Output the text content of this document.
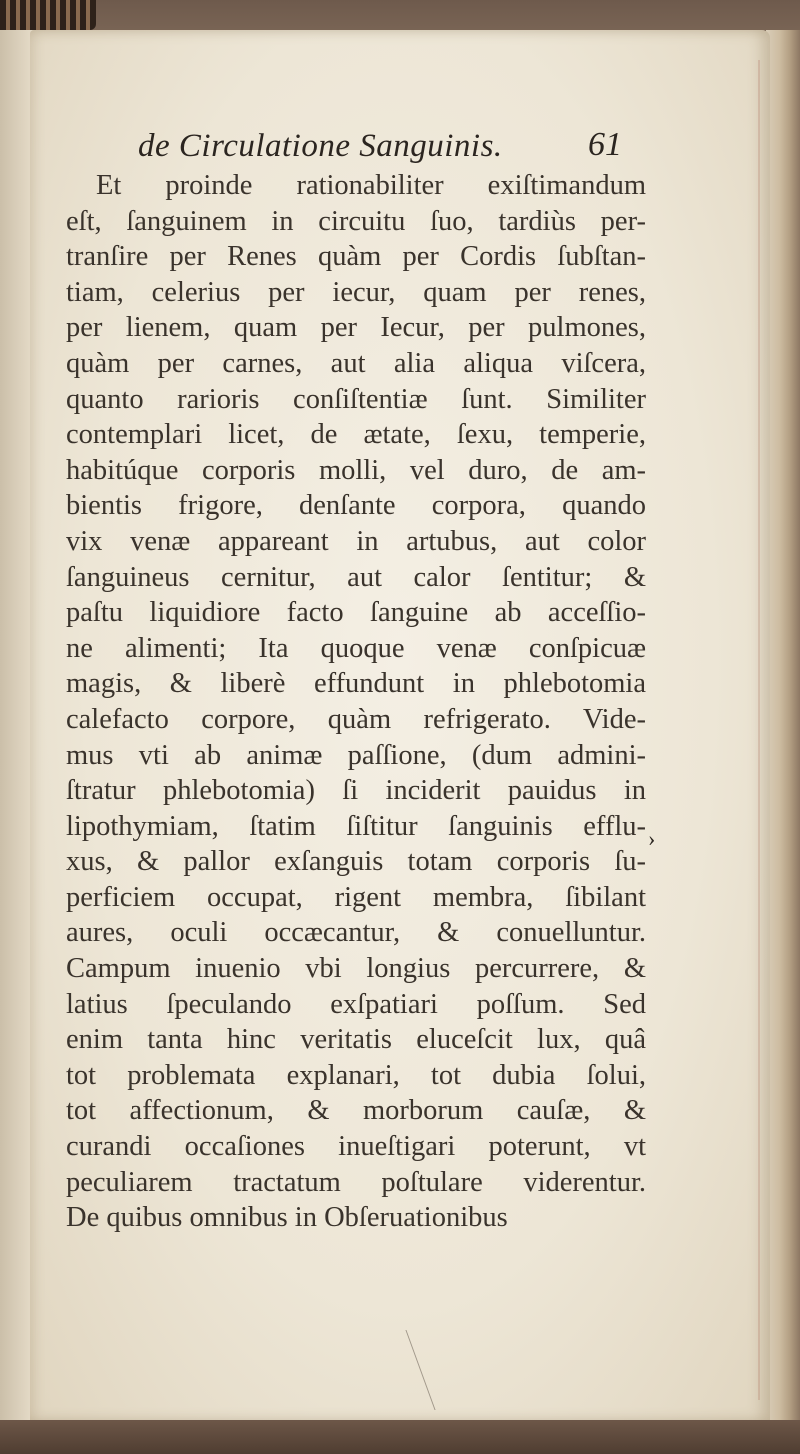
de Circulatione Sanguinis.	61
Et proinde rationabiliter exiſtimandum
eſt, ſanguinem in circuitu ſuo, tardiùs per-
tranſire per Renes quàm per Cordis ſubſtan-
tiam, celerius per iecur, quam per renes,
per lienem, quam per Iecur, per pulmones,
quàm per carnes, aut alia aliqua viſcera,
quanto rarioris conſiſtentiæ ſunt. Similiter
contemplari licet, de ætate, ſexu, temperie,
habitúque corporis molli, vel duro, de am-
bientis frigore, denſante corpora, quando
vix venæ appareant in artubus, aut color
ſanguineus cernitur, aut calor ſentitur; &
paſtu liquidiore facto ſanguine ab acceſſio-
ne alimenti; Ita quoque venæ conſpicuæ
magis, & liberè effundunt in phlebotomia
calefacto corpore, quàm refrigerato. Vide-
mus vti ab animæ paſſione, (dum admini-
ſtratur phlebotomia) ſi inciderit pauidus in
lipothymiam, ſtatim ſiſtitur ſanguinis efflu-
xus, & pallor exſanguis totam corporis ſu-
perficiem occupat, rigent membra, ſibilant
aures, oculi occæcantur, & conuelluntur.
Campum inuenio vbi longius percurrere, &
latius ſpeculando exſpatiari poſſum. Sed
enim tanta hinc veritatis eluceſcit lux, quâ
tot problemata explanari, tot dubia ſolui,
tot affectionum, & morborum cauſæ, &
curandi occaſiones inueſtigari poterunt, vt
peculiarem tractatum poſtulare viderentur.
De quibus omnibus in Obſeruationibus
›
